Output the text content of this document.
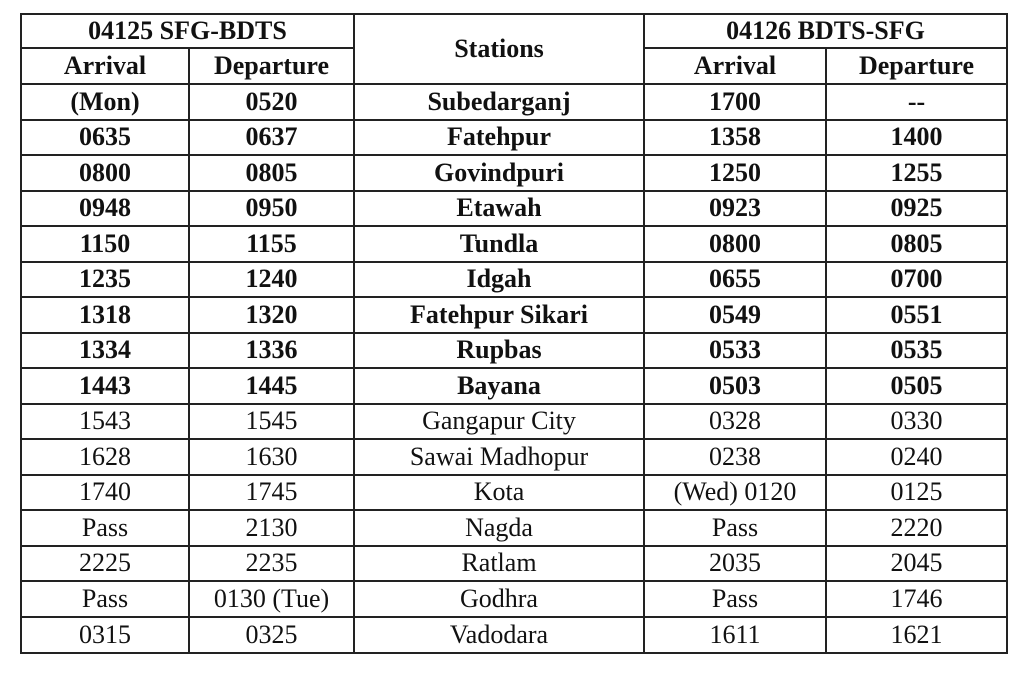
04125 SFG-BDTS		Stations	04126 BDTS-SFG	
Arrival	Departure		Arrival	Departure
(Mon)	0520	Subedarganj	1700	--
0635	0637	Fatehpur	1358	1400
0800	0805	Govindpuri	1250	1255
0948	0950	Etawah	0923	0925
1150	1155	Tundla	0800	0805
1235	1240	Idgah	0655	0700
1318	1320	Fatehpur Sikari	0549	0551
1334	1336	Rupbas	0533	0535
1443	1445	Bayana	0503	0505
1543	1545	Gangapur City	0328	0330
1628	1630	Sawai Madhopur	0238	0240
1740	1745	Kota	(Wed) 0120	0125
Pass	2130	Nagda	Pass	2220
2225	2235	Ratlam	2035	2045
Pass	0130 (Tue)	Godhra	Pass	1746
0315	0325	Vadodara	1611	1621
